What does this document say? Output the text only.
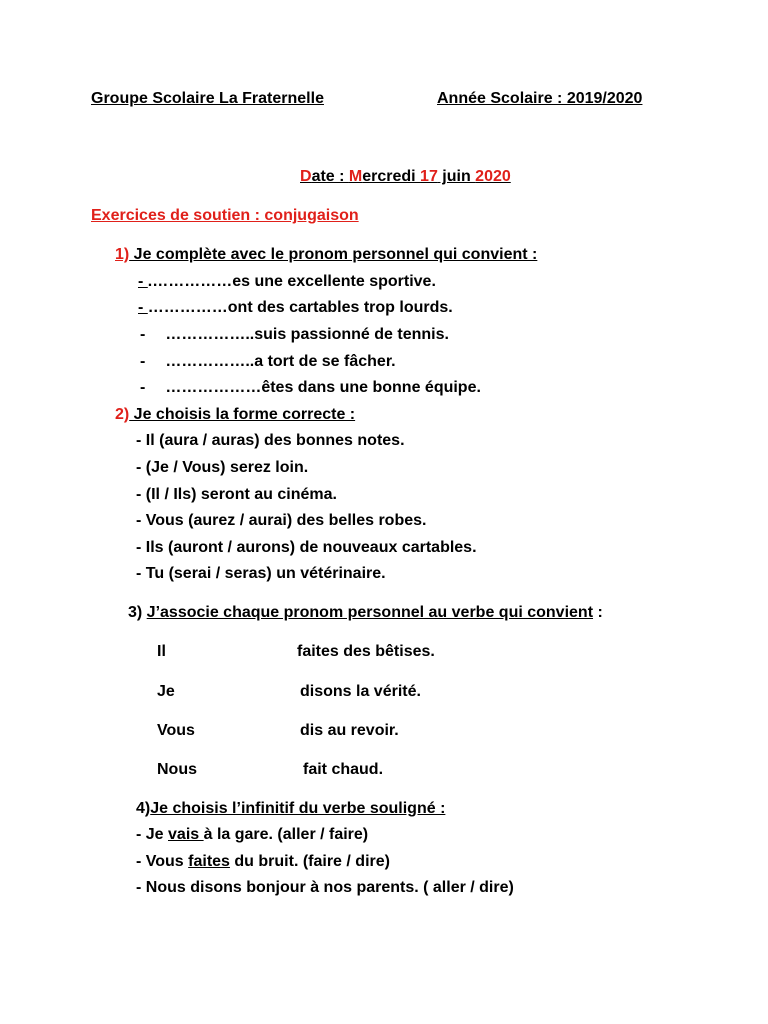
Groupe Scolaire La Fraternelle	Année Scolaire : 2019/2020
Date : Mercredi 17 juin 2020
Exercices de soutien : conjugaison
1) Je complète avec le pronom personnel qui convient :
- .……………es une excellente sportive.
- ……………ont des cartables trop lourds.
- ……………..suis passionné de tennis.
- ……………..a tort de se fâcher.
- ………………êtes dans une bonne équipe.
2) Je choisis la forme correcte :
- Il (aura / auras) des bonnes notes.
- (Je / Vous) serez loin.
- (Il / Ils) seront au cinéma.
- Vous (aurez / aurai) des belles robes.
- Ils (auront / aurons) de nouveaux cartables.
- Tu (serai / seras) un vétérinaire.
3) J’associe chaque pronom personnel au verbe qui convient :
Il	faites des bêtises.
Je	disons la vérité.
Vous	dis au revoir.
Nous	fait chaud.
4)Je choisis l’infinitif du verbe souligné :
- Je vais à la gare. (aller / faire)
- Vous faites du bruit. (faire / dire)
- Nous disons bonjour à nos parents. ( aller / dire)
